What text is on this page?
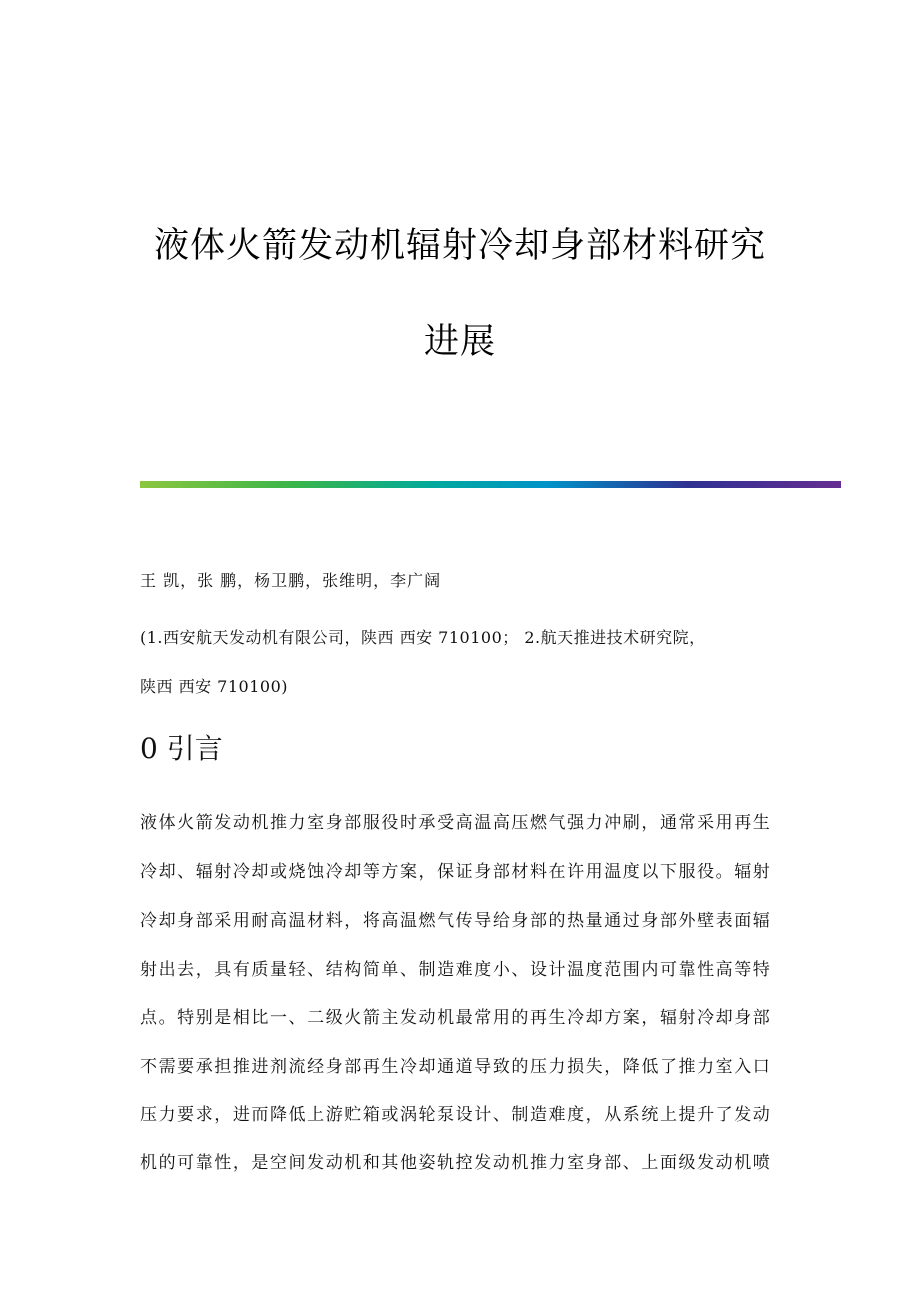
液体火箭发动机辐射冷却身部材料研究
进展
王 凯，张 鹏，杨卫鹏，张维明，李广阔
(1.西安航天发动机有限公司，陕西 西安 710100； 2.航天推进技术研究院，
陕西 西安 710100)
0 引言
液体火箭发动机推力室身部服役时承受高温高压燃气强力冲刷，通常采用再生
冷却、辐射冷却或烧蚀冷却等方案，保证身部材料在许用温度以下服役。辐射
冷却身部采用耐高温材料，将高温燃气传导给身部的热量通过身部外壁表面辐
射出去，具有质量轻、结构简单、制造难度小、设计温度范围内可靠性高等特
点。特别是相比一、二级火箭主发动机最常用的再生冷却方案，辐射冷却身部
不需要承担推进剂流经身部再生冷却通道导致的压力损失，降低了推力室入口
压力要求，进而降低上游贮箱或涡轮泵设计、制造难度，从系统上提升了发动
机的可靠性，是空间发动机和其他姿轨控发动机推力室身部、上面级发动机喷
